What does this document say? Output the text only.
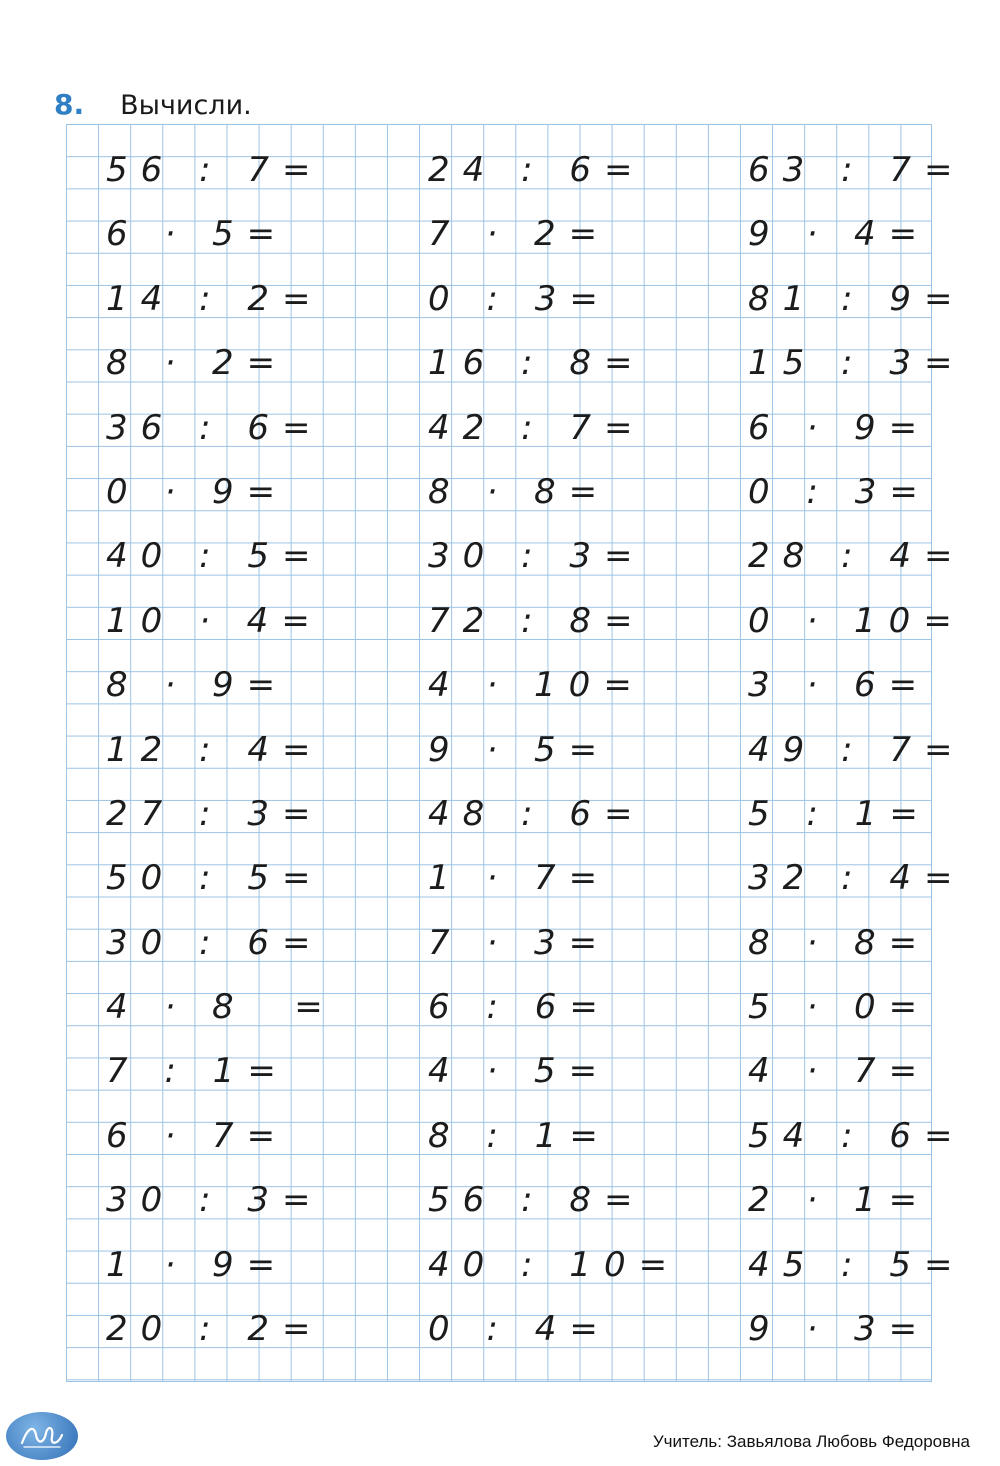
8. Вычисли.
56 : 7=
6 · 5=
14 : 2=
8 · 2=
36 : 6=
0 · 9=
40 : 5=
10 · 4=
8 · 9=
12 : 4=
27 : 3=
50 : 5=
30 : 6=
4 · 8  =
7 : 1=
6 · 7=
30 : 3=
1 · 9=
20 : 2=
24 : 6=
7 · 2=
0 : 3=
16 : 8=
42 : 7=
8 · 8=
30 : 3=
72 : 8=
4 · 10=
9 · 5=
48 : 6=
1 · 7=
7 · 3=
6 : 6=
4 · 5=
8 : 1=
56 : 8=
40 : 10=
0 : 4=
63 : 7=
9 · 4=
81 : 9=
15 : 3=
6 · 9=
0 : 3=
28 : 4=
0 · 10=
3 · 6=
49 : 7=
5 : 1=
32 : 4=
8 · 8=
5 · 0=
4 · 7=
54 : 6=
2 · 1=
45 : 5=
9 · 3=
Учитель: Завьялова Любовь Федоровна
